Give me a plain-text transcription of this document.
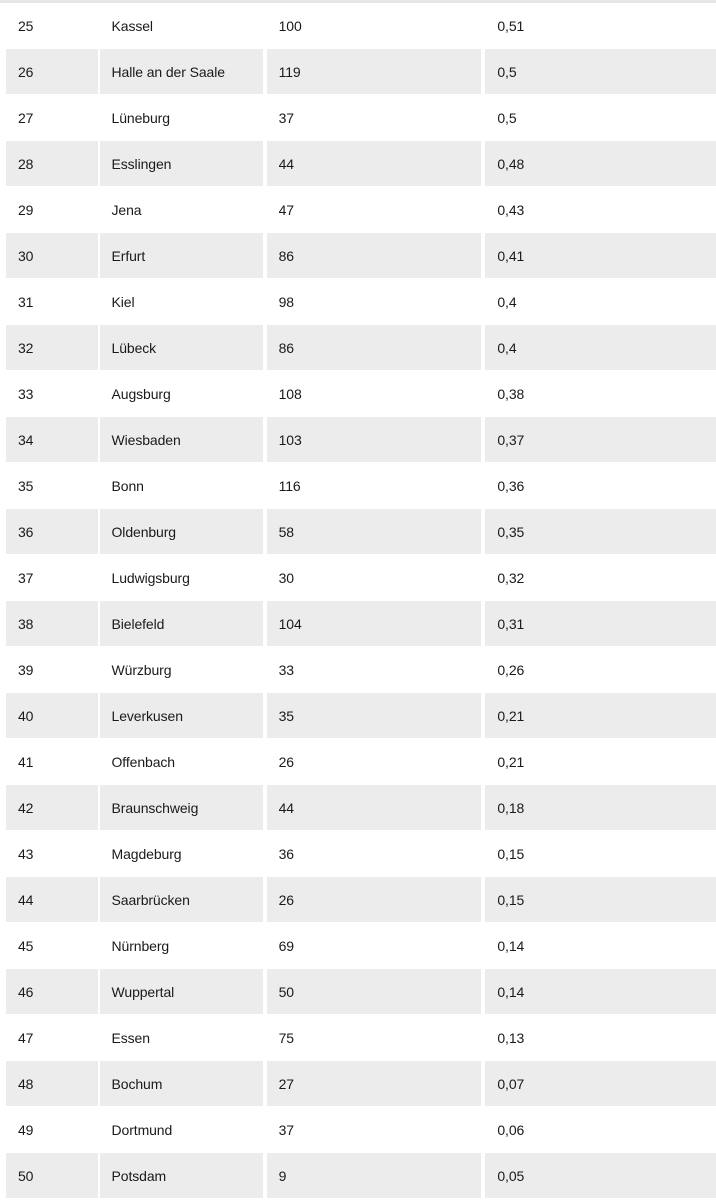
25	Kassel	100	0,51
26	Halle an der Saale	119	0,5
27	Lüneburg	37	0,5
28	Esslingen	44	0,48
29	Jena	47	0,43
30	Erfurt	86	0,41
31	Kiel	98	0,4
32	Lübeck	86	0,4
33	Augsburg	108	0,38
34	Wiesbaden	103	0,37
35	Bonn	116	0,36
36	Oldenburg	58	0,35
37	Ludwigsburg	30	0,32
38	Bielefeld	104	0,31
39	Würzburg	33	0,26
40	Leverkusen	35	0,21
41	Offenbach	26	0,21
42	Braunschweig	44	0,18
43	Magdeburg	36	0,15
44	Saarbrücken	26	0,15
45	Nürnberg	69	0,14
46	Wuppertal	50	0,14
47	Essen	75	0,13
48	Bochum	27	0,07
49	Dortmund	37	0,06
50	Potsdam	9	0,05
